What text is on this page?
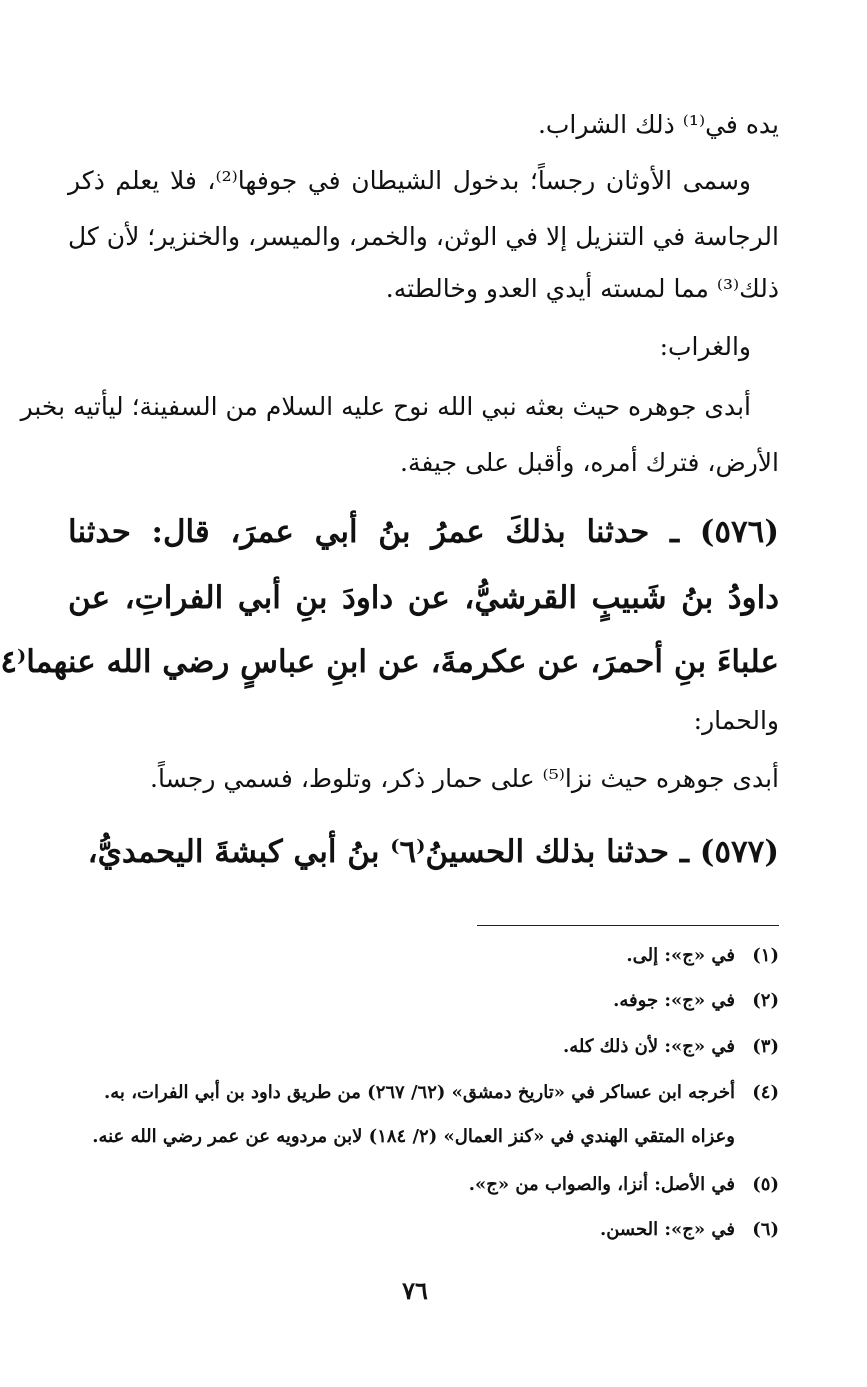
يده في⁽¹⁾ ذلك الشراب.
وسمى الأوثان رجساً؛ بدخول الشيطان في جوفها⁽²⁾، فلا يعلم ذكر
الرجاسة في التنزيل إلا في الوثن، والخمر، والميسر، والخنزير؛ لأن كل
ذلك⁽³⁾ مما لمسته أيدي العدو وخالطته.
والغراب:
أبدى جوهره حيث بعثه نبي الله نوح عليه السلام من السفينة؛ ليأتيه بخبر
الأرض، فترك أمره، وأقبل على جيفة.
(٥٧٦) ـ حدثنا بذلكَ عمرُ بنُ أبي عمرَ، قال: حدثنا
داودُ بنُ شَبيبٍ القرشيُّ، عن داودَ بنِ أبي الفراتِ، عن
علباءَ بنِ أحمرَ، عن عكرمةَ، عن ابنِ عباسٍ رضي الله عنهما⁽٤
والحمار:
أبدى جوهره حيث نزا⁽⁵⁾ على حمار ذكر، وتلوط، فسمي رجساً.
(٥٧٧) ـ حدثنا بذلك الحسينُ⁽٦⁾ بنُ أبي كبشةَ اليحمديُّ،
(١)في «ج»: إلى.
(٢)في «ج»: جوفه.
(٣)في «ج»: لأن ذلك كله.
(٤)أخرجه ابن عساكر في «تاريخ دمشق» (٦٢/ ٢٦٧) من طريق داود بن أبي الفرات، به.
وعزاه المتقي الهندي في «كنز العمال» (٢/ ١٨٤) لابن مردويه عن عمر رضي الله عنه.
(٥)في الأصل: أنزا، والصواب من «ج».
(٦)في «ج»: الحسن.
٧٦
